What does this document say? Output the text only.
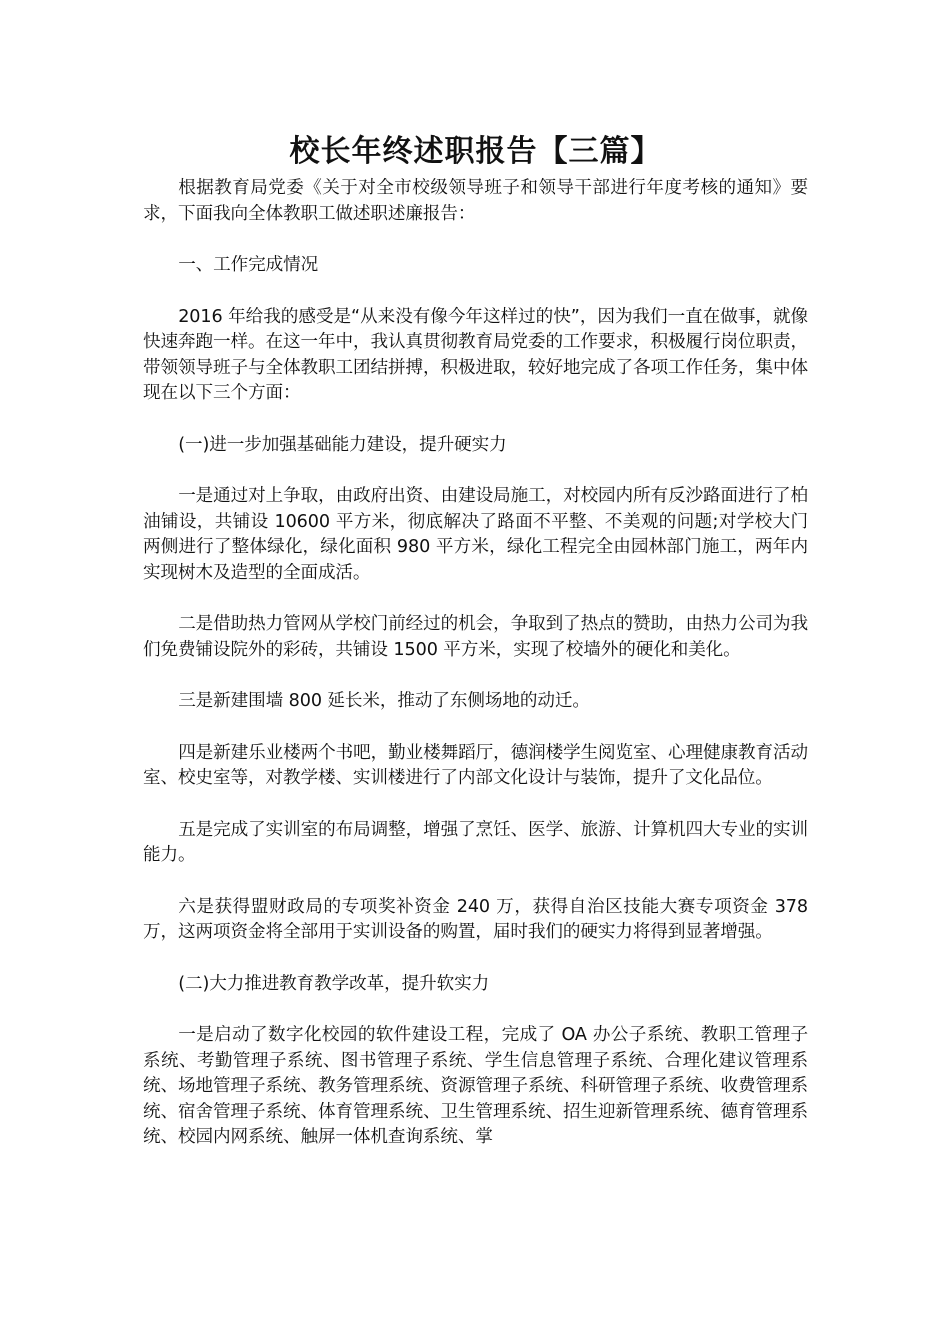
校长年终述职报告【三篇】

根据教育局党委《关于对全市校级领导班子和领导干部进行年度考核的通知》要求，下面我向全体教职工做述职述廉报告：

一、工作完成情况

2016 年给我的感受是“从来没有像今年这样过的快”，因为我们一直在做事，就像快速奔跑一样。在这一年中，我认真贯彻教育局党委的工作要求，积极履行岗位职责，带领领导班子与全体教职工团结拼搏，积极进取，较好地完成了各项工作任务，集中体现在以下三个方面：

(一)进一步加强基础能力建设，提升硬实力

一是通过对上争取，由政府出资、由建设局施工，对校园内所有反沙路面进行了柏油铺设，共铺设 10600 平方米，彻底解决了路面不平整、不美观的问题;对学校大门两侧进行了整体绿化，绿化面积 980 平方米，绿化工程完全由园林部门施工，两年内实现树木及造型的全面成活。

二是借助热力管网从学校门前经过的机会，争取到了热点的赞助，由热力公司为我们免费铺设院外的彩砖，共铺设 1500 平方米，实现了校墙外的硬化和美化。

三是新建围墙 800 延长米，推动了东侧场地的动迁。

四是新建乐业楼两个书吧，勤业楼舞蹈厅，德润楼学生阅览室、心理健康教育活动室、校史室等，对教学楼、实训楼进行了内部文化设计与装饰，提升了文化品位。

五是完成了实训室的布局调整，增强了烹饪、医学、旅游、计算机四大专业的实训能力。

六是获得盟财政局的专项奖补资金 240 万，获得自治区技能大赛专项资金 378 万，这两项资金将全部用于实训设备的购置，届时我们的硬实力将得到显著增强。

(二)大力推进教育教学改革，提升软实力

一是启动了数字化校园的软件建设工程，完成了 OA 办公子系统、教职工管理子系统、考勤管理子系统、图书管理子系统、学生信息管理子系统、合理化建议管理系统、场地管理子系统、教务管理系统、资源管理子系统、科研管理子系统、收费管理系统、宿舍管理子系统、体育管理系统、卫生管理系统、招生迎新管理系统、德育管理系统、校园内网系统、触屏一体机查询系统、掌
